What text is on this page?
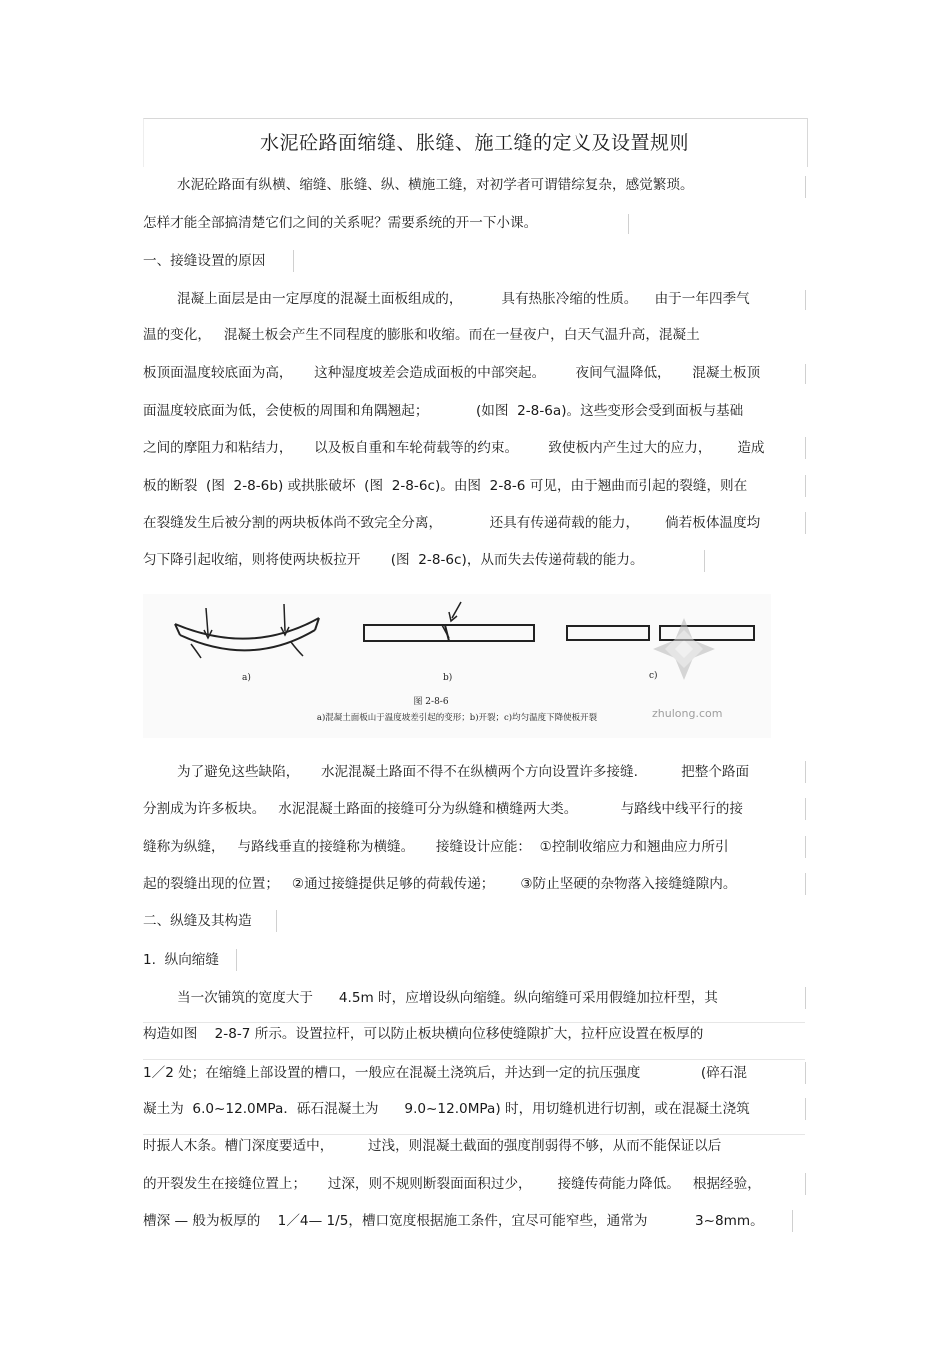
水泥砼路面缩缝、胀缝、施工缝的定义及设置规则
水泥砼路面有纵横、缩缝、胀缝、纵、横施工缝，对初学者可谓错综复杂，感觉繁琐。
怎样才能全部搞清楚它们之间的关系呢？需要系统的开一下小课。
一、接缝设置的原因
混凝上面层是由一定厚度的混凝土面板组成的，         具有热胀冷缩的性质。    由于一年四季气
温的变化，   混凝土板会产生不同程度的膨胀和收缩。而在一昼夜户，白天气温升高，混凝土
板顶面温度较底面为高，     这种湿度坡差会造成面板的中部突起。       夜间气温降低，     混凝土板顶
面温度较底面为低，会使板的周围和角隅翘起；           (如图  2-8-6a)。这些变形会受到面板与基础
之间的摩阻力和粘结力，     以及板自重和车轮荷载等的约束。       致使板内产生过大的应力，      造成
板的断裂  (图  2-8-6b) 或拱胀破坏  (图  2-8-6c)。由图  2-8-6 可见，由于翘曲而引起的裂缝，则在
在裂缝发生后被分割的两块板体尚不致完全分离，           还具有传递荷载的能力，      倘若板体温度均
匀下降引起收缩，则将使两块板拉开       (图  2-8-6c)，从而失去传递荷载的能力。
a)	b)	c)
zhulong.com
图 2-8-6
a)混凝土面板山于温度坡差引起的变形；b)开裂；c)均匀温度下降使板开裂
为了避免这些缺陷，     水泥混凝土路面不得不在纵横两个方向设置许多接缝.          把整个路面
分割成为许多板块。   水泥混凝土路面的接缝可分为纵缝和横缝两大类。          与路线中线平行的接
缝称为纵缝，   与路线垂直的接缝称为横缝。     接缝设计应能：  ①控制收缩应力和翘曲应力所引
起的裂缝出现的位置；   ②通过接缝提供足够的荷载传递；      ③防止坚硬的杂物落入接缝缝隙内。
二、纵缝及其构造
1.  纵向缩缝
当一次铺筑的宽度大于      4.5m 时，应增设纵向缩缝。纵向缩缝可采用假缝加拉杆型，其
构造如图    2-8-7 所示。设置拉杆，可以防止板块横向位移使缝隙扩大，拉杆应设置在板厚的
1／2 处；在缩缝上部设置的槽口，一般应在混凝土浇筑后，并达到一定的抗压强度              (碎石混
凝土为  6.0~12.0MPa．砾石混凝土为      9.0~12.0MPa) 时，用切缝机进行切割，或在混凝土浇筑
时振人木条。槽门深度要适中，        过浅，则混凝土截面的强度削弱得不够，从而不能保证以后
的开裂发生在接缝位置上；     过深，则不规则断裂面面积过少，      接缝传荷能力降低。   根据经验，
槽深 — 般为板厚的    1／4— 1/5，槽口宽度根据施工条件，宜尽可能窄些，通常为           3~8mm。
